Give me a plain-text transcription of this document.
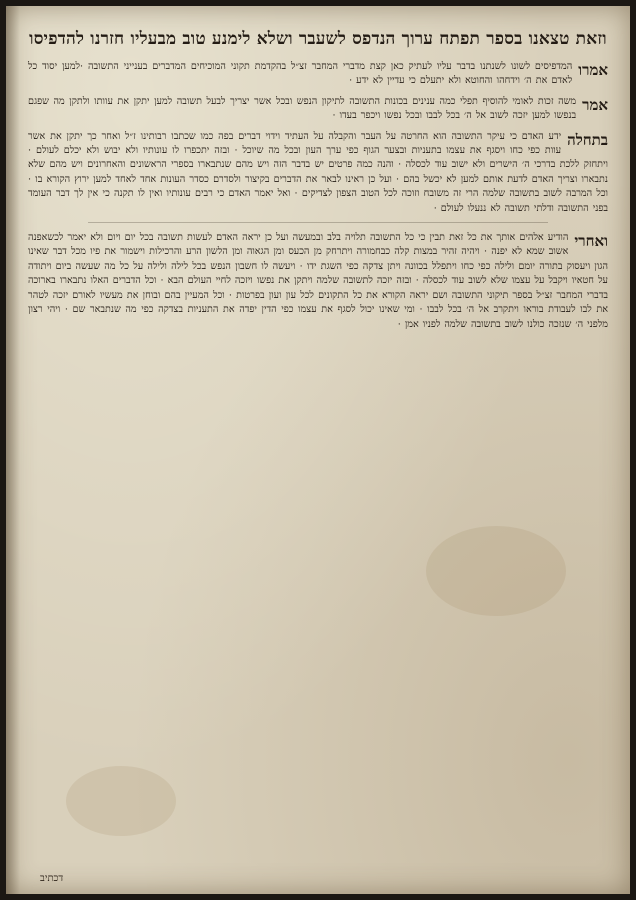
וזאת טצאנו בספר תפתח ערוך הנדפס לשעבר ושלא לימנע טוב מבעליו חזרנו להדפיסו
אמרו
המדפיסים לשונו לשנתנו בדבר עליו לעתיק כאן קצת מדברי המחבר זצ״ל בהקדמת תקוני המוכיחים המדברים בענייני התשובה ·למען יסוד כל לאדם את ה׳ וידחהו והחוטא ולא יתעלם כי עדיין לא ידע ·
אמר
משה זכות לאומי להוסיף תפלי כמה ענינים בכונות התשובה לתיקון הנפש ובכל אשר יצריך לבעל תשובה למען יתקן את עוותו ולתקן מה שפגם בנפשו למען יזכה לשוב אל ה׳ בכל לבבו ובכל נפשו ויכפר בעדו ·
בתחלה
ידע האדם כי עיקר התשובה הוא החרטה על העבר והקבלה על העתיד וידוי דברים בפה כמו שכתבו רבותינו ז״ל ואחר כך יתקן את אשר עוות כפי כחו ויסגף את עצמו בתעניות ובצער הגוף כפי ערך העון ובכל מה שיוכל · ובזה יתכפרו לו עונותיו ולא יבוש ולא יכלם לעולם · ויתחזק ללכת בדרכי ה׳ הישרים ולא ישוב עוד לכסלה · והנה כמה פרטים יש בדבר הזה ויש מהם שנתבארו בספרי הראשונים והאחרונים ויש מהם שלא נתבארו וצריך האדם לדעת אותם למען לא יכשל בהם · ועל כן ראינו לבאר את הדברים בקיצור ולסדרם כסדר העונות אחד לאחד למען ירוץ הקורא בו · וכל המרבה לשוב בתשובה שלמה הרי זה משובח וזוכה לכל הטוב הצפון לצדיקים · ואל יאמר האדם כי רבים עונותיו ואין לו תקנה כי אין לך דבר העומד בפני התשובה ודלתי תשובה לא ננעלו לעולם ·
ואחרי
הודיע אלהים אותך את כל זאת תבין כי כל התשובה תלויה בלב ובמעשה ועל כן יראה האדם לעשות תשובה בכל יום ויום ולא יאמר לכשאפנה אשוב שמא לא יפנה · ויהיה זהיר במצות קלה כבחמורה ויתרחק מן הכעס ומן הגאוה ומן הלשון הרע והרכילות וישמור את פיו מכל דבר שאינו הגון ויעסוק בתורה יומם ולילה כפי כחו ויתפלל בכוונה ויתן צדקה כפי השגת ידו · ויעשה לו חשבון הנפש בכל לילה ולילה על כל מה שעשה ביום ויתודה על חטאיו ויקבל על עצמו שלא לשוב עוד לכסלה · ובזה יזכה לתשובה שלמה ויתקן את נפשו ויזכה לחיי העולם הבא · וכל הדברים האלו נתבארו בארוכה בדברי המחבר זצ״ל בספר תיקוני התשובה ושם יראה הקורא את כל התקונים לכל עון ועון בפרטות · וכל המעיין בהם ובוחן את מעשיו לאורם יזכה לטהר את לבו לעבודת בוראו ויתקרב אל ה׳ בכל לבבו · ומי שאינו יכול לסגף את עצמו כפי הדין יפדה את התעניות בצדקה כפי מה שנתבאר שם · ויהי רצון מלפני ה׳ שנזכה כולנו לשוב בתשובה שלמה לפניו אמן ·
דכתיב
